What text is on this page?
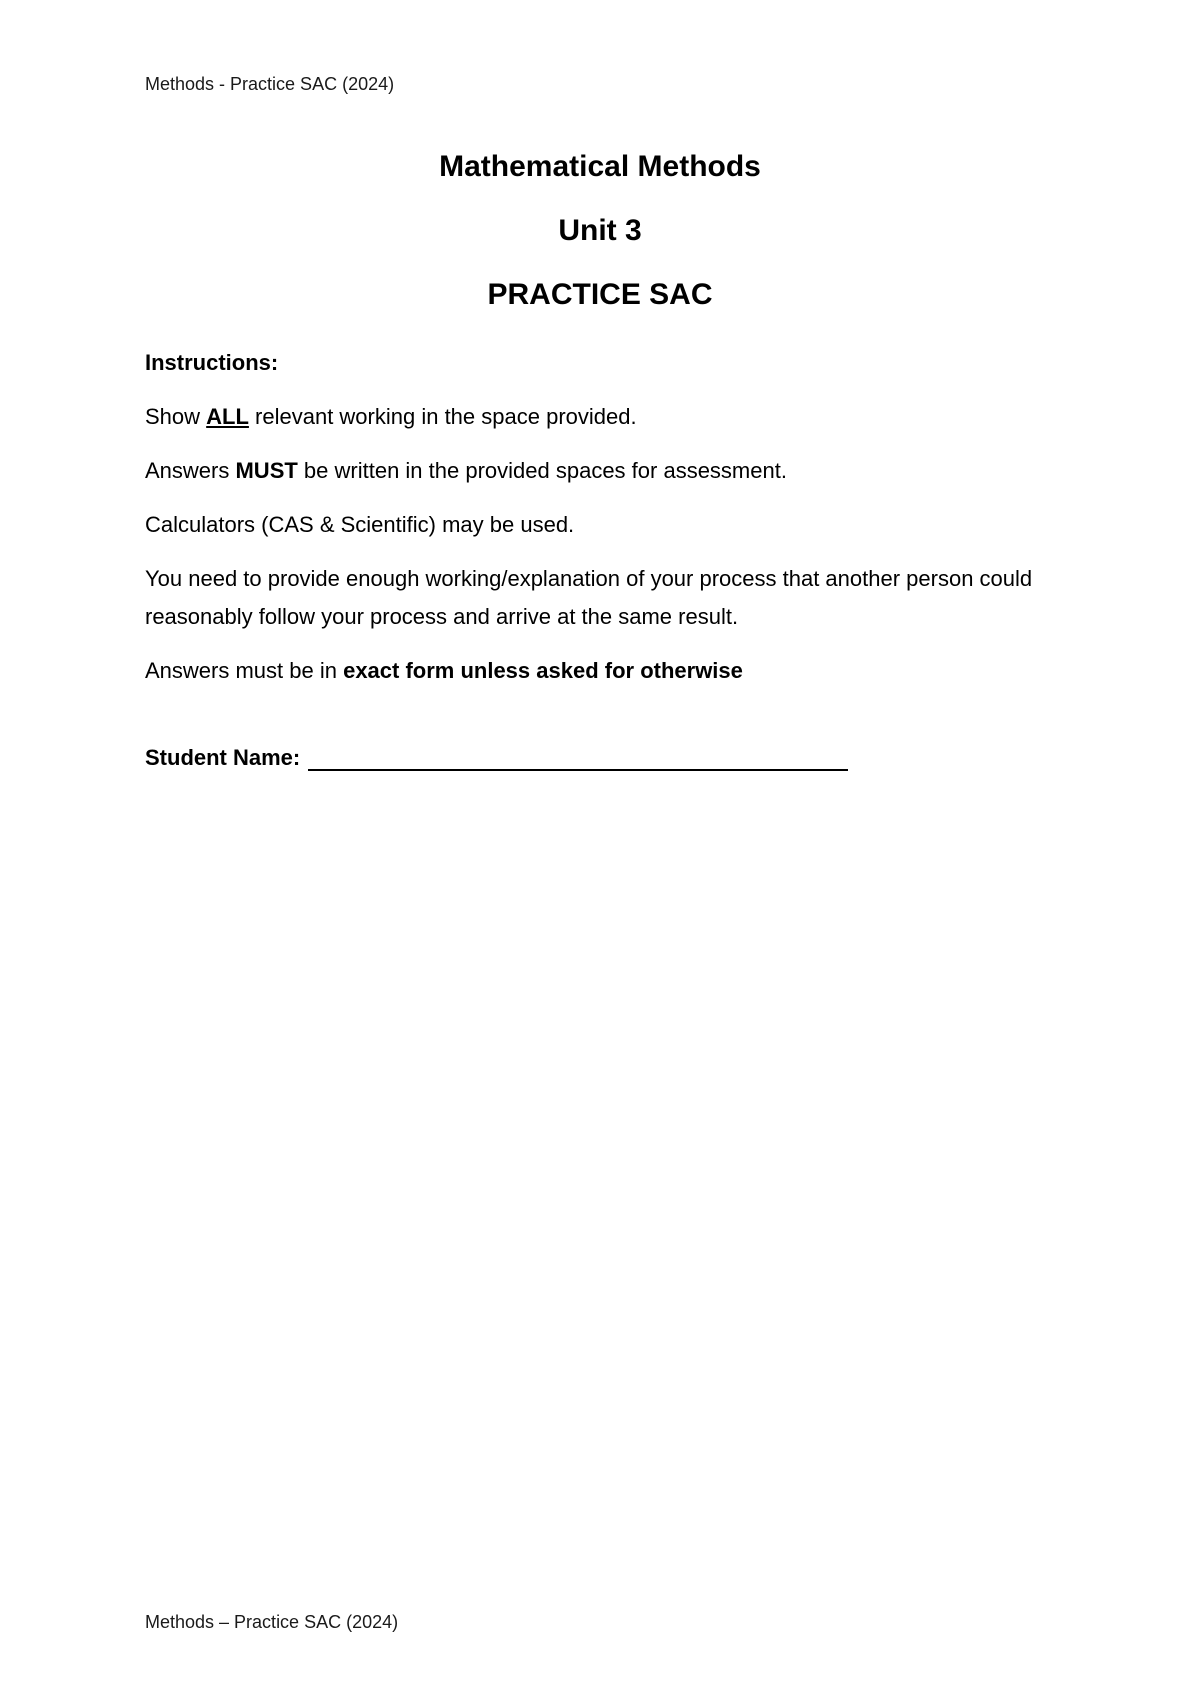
Methods - Practice SAC (2024)
Mathematical Methods
Unit 3
PRACTICE SAC
Instructions:

Show ALL relevant working in the space provided.

Answers MUST be written in the provided spaces for assessment.

Calculators (CAS & Scientific) may be used.

You need to provide enough working/explanation of your process that another person could reasonably follow your process and arrive at the same result.

Answers must be in exact form unless asked for otherwise

Student Name:
Methods – Practice SAC (2024)
